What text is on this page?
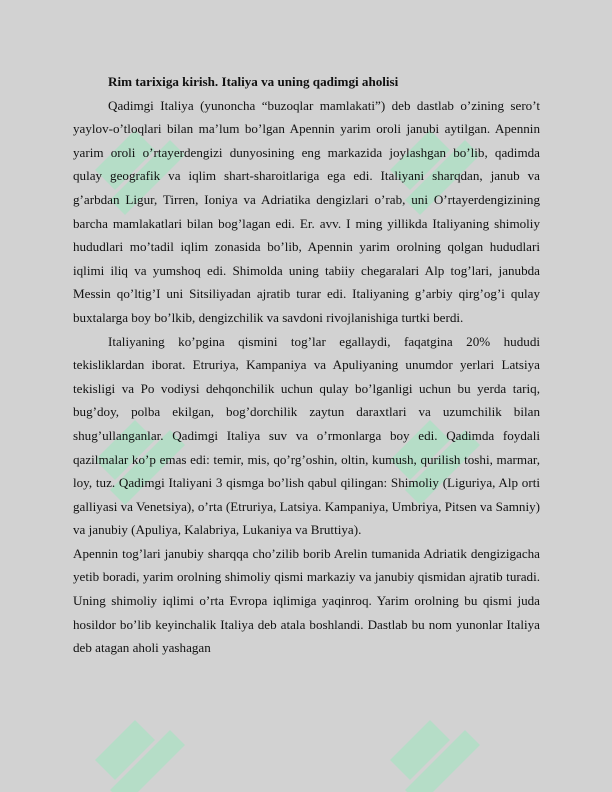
Rim tarixiga kirish. Italiya va uning qadimgi aholisi

Qadimgi Italiya (yunoncha “buzoqlar mamlakati”) deb dastlab o’zining sero’t yaylov-o’tloqlari bilan ma’lum bo’lgan Apennin yarim oroli janubi aytilgan. Apennin yarim oroli o’rtayerdengizi dunyosining eng markazida joylashgan bo’lib, qadimda qulay geografik va iqlim shart-sharoitlariga ega edi. Italiyani sharqdan, janub va g’arbdan Ligur, Tirren, Ioniya va Adriatika dengizlari o’rab, uni O’rtayerdengizining barcha mamlakatlari bilan bog’lagan edi. Er. avv. I ming yillikda Italiyaning shimoliy hududlari mo’tadil iqlim zonasida bo’lib, Apennin yarim orolning qolgan hududlari iqlimi iliq va yumshoq edi. Shimolda uning tabiiy chegaralari Alp tog’lari, janubda Messin qo’ltig’I uni Sitsiliyadan ajratib turar edi. Italiyaning g’arbiy qirg’og’i qulay buxtalarga boy bo’lkib, dengizchilik va savdoni rivojlanishiga turtki berdi.

Italiyaning ko’pgina qismini tog’lar egallaydi, faqatgina 20% hududi tekisliklardan iborat. Etruriya, Kampaniya va Apuliyaning unumdor yerlari Latsiya tekisligi va Po vodiysi dehqonchilik uchun qulay bo’lganligi uchun bu yerda tariq, bug’doy, polba ekilgan, bog’dorchilik zaytun daraxtlari va uzumchilik bilan shug’ullanganlar. Qadimgi Italiya suv va o’rmonlarga boy edi. Qadimda foydali qazilmalar ko’p emas edi: temir, mis, qo’rg’oshin, oltin, kumush, qurilish toshi, marmar, loy, tuz. Qadimgi Italiyani 3 qismga bo’lish qabul qilingan: Shimoliy (Liguriya, Alp orti galliyasi va Venetsiya), o’rta (Etruriya, Latsiya. Kampaniya, Umbriya, Pitsen va Samniy) va janubiy (Apuliya, Kalabriya, Lukaniya va Bruttiya).

Apennin tog’lari janubiy sharqqa cho’zilib borib Arelin tumanida Adriatik dengizigacha yetib boradi, yarim orolning shimoliy qismi markaziy va janubiy qismidan ajratib turadi. Uning shimoliy iqlimi o’rta Evropa iqlimiga yaqinroq. Yarim orolning bu qismi juda hosildor bo’lib keyinchalik Italiya deb atala boshlandi. Dastlab bu nom yunonlar Italiya deb atagan aholi yashagan
